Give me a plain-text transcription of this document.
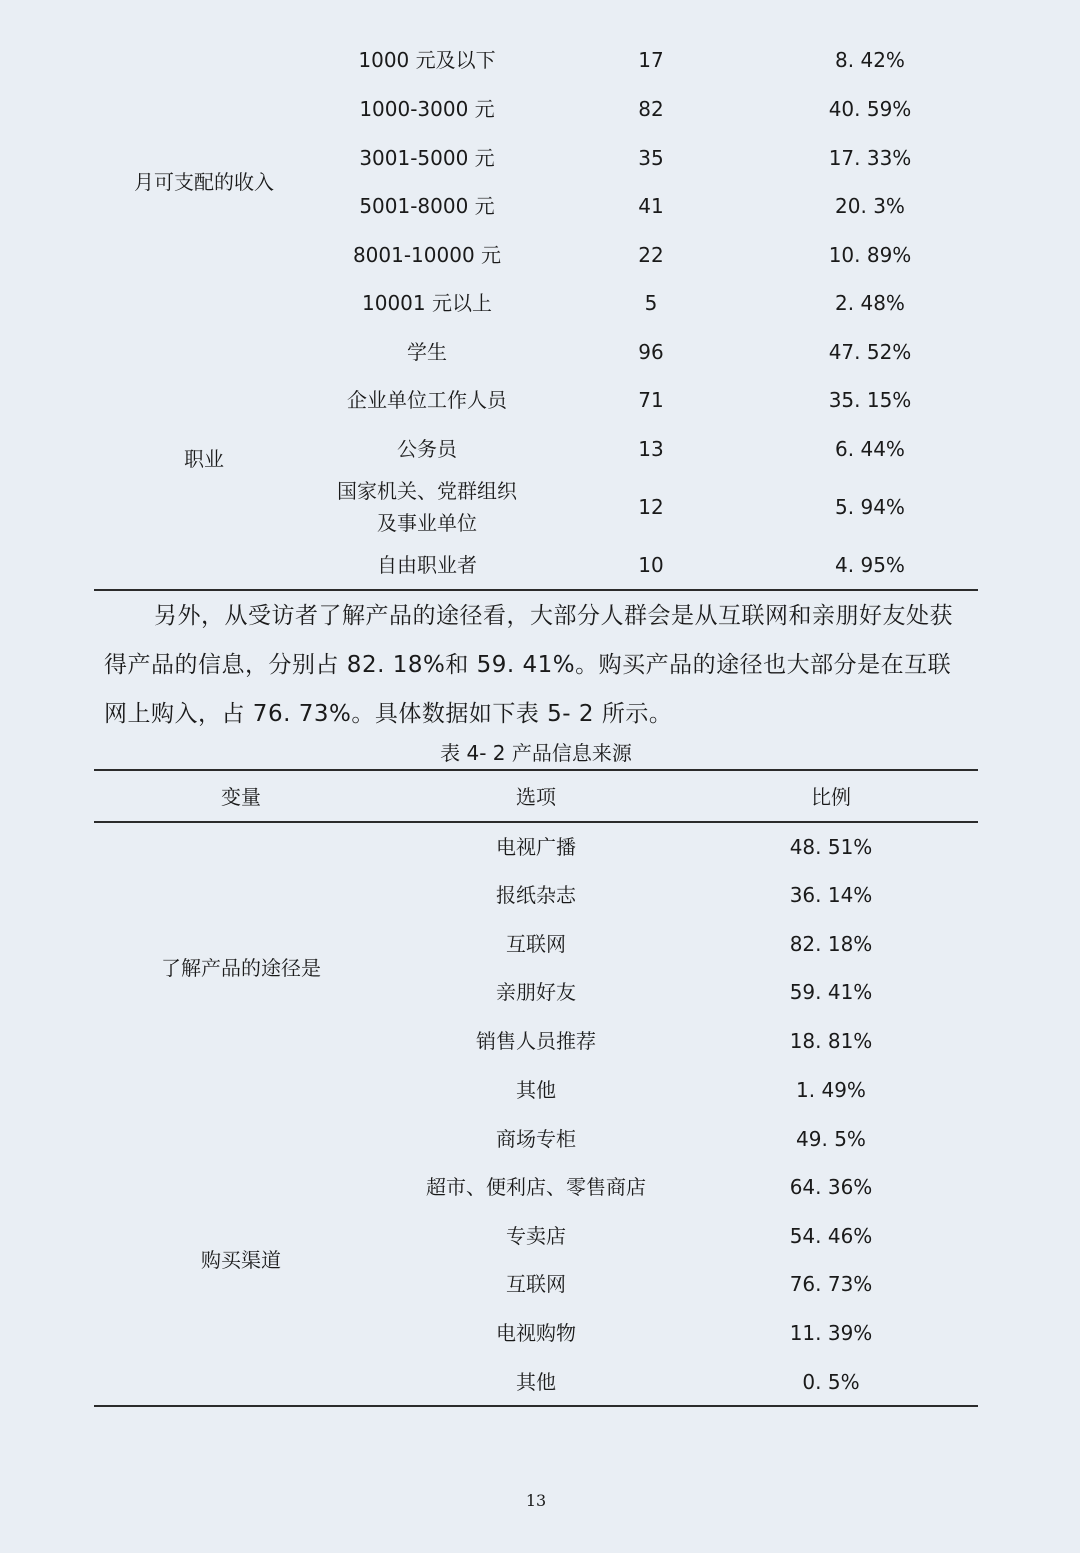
月可支配的收入
1000 元及以下	17	8. 42%
1000-3000 元	82	40. 59%
3001-5000 元	35	17. 33%
5001-8000 元	41	20. 3%
8001-10000 元	22	10. 89%
10001 元以上	5	2. 48%
职业
学生	96	47. 52%
企业单位工作人员	71	35. 15%
公务员	13	6. 44%
国家机关、党群组织
及事业单位
12	5. 94%
自由职业者	10	4. 95%
另外，从受访者了解产品的途径看，大部分人群会是从互联网和亲朋好友处获得产品的信息，分别占 82. 18%和 59. 41%。购买产品的途径也大部分是在互联网上购入，占 76. 73%。具体数据如下表 5- 2 所示。
表 4- 2 产品信息来源
变量	选项	比例
了解产品的途径是
电视广播	48. 51%
报纸杂志	36. 14%
互联网	82. 18%
亲朋好友	59. 41%
销售人员推荐	18. 81%
其他	1. 49%
购买渠道
商场专柜	49. 5%
超市、便利店、零售商店	64. 36%
专卖店	54. 46%
互联网	76. 73%
电视购物	11. 39%
其他	0. 5%
13
